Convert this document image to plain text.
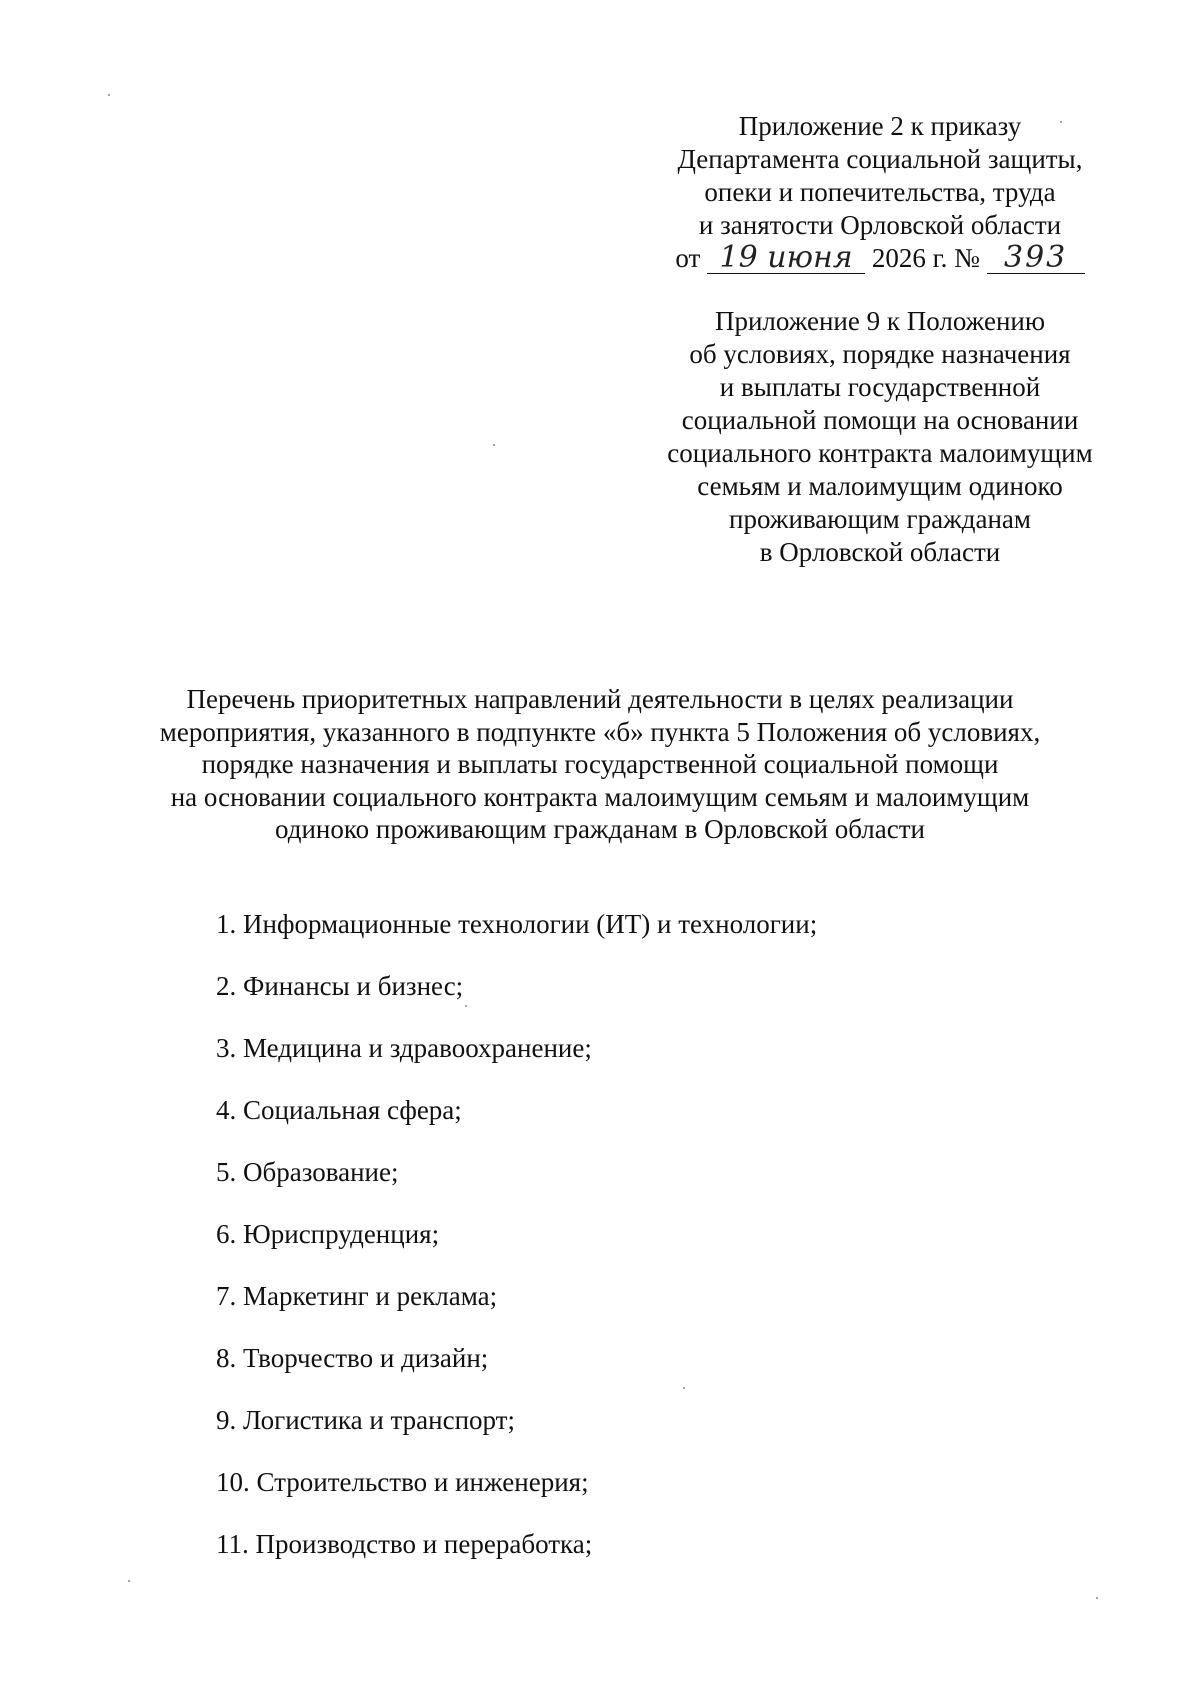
Приложение 2 к приказу
Департамента социальной защиты,
опеки и попечительства, труда
и занятости Орловской области
от 19 июня 2026 г. № 393
Приложение 9 к Положению
об условиях, порядке назначения
и выплаты государственной
социальной помощи на основании
социального контракта малоимущим
семьям и малоимущим одиноко
проживающим гражданам
в Орловской области
Перечень приоритетных направлений деятельности в целях реализации
мероприятия, указанного в подпункте «б» пункта 5 Положения об условиях,
порядке назначения и выплаты государственной социальной помощи
на основании социального контракта малоимущим семьям и малоимущим
одиноко проживающим гражданам в Орловской области
1. Информационные технологии (ИТ) и технологии;
2. Финансы и бизнес;
3. Медицина и здравоохранение;
4. Социальная сфера;
5. Образование;
6. Юриспруденция;
7. Маркетинг и реклама;
8. Творчество и дизайн;
9. Логистика и транспорт;
10. Строительство и инженерия;
11. Производство и переработка;
